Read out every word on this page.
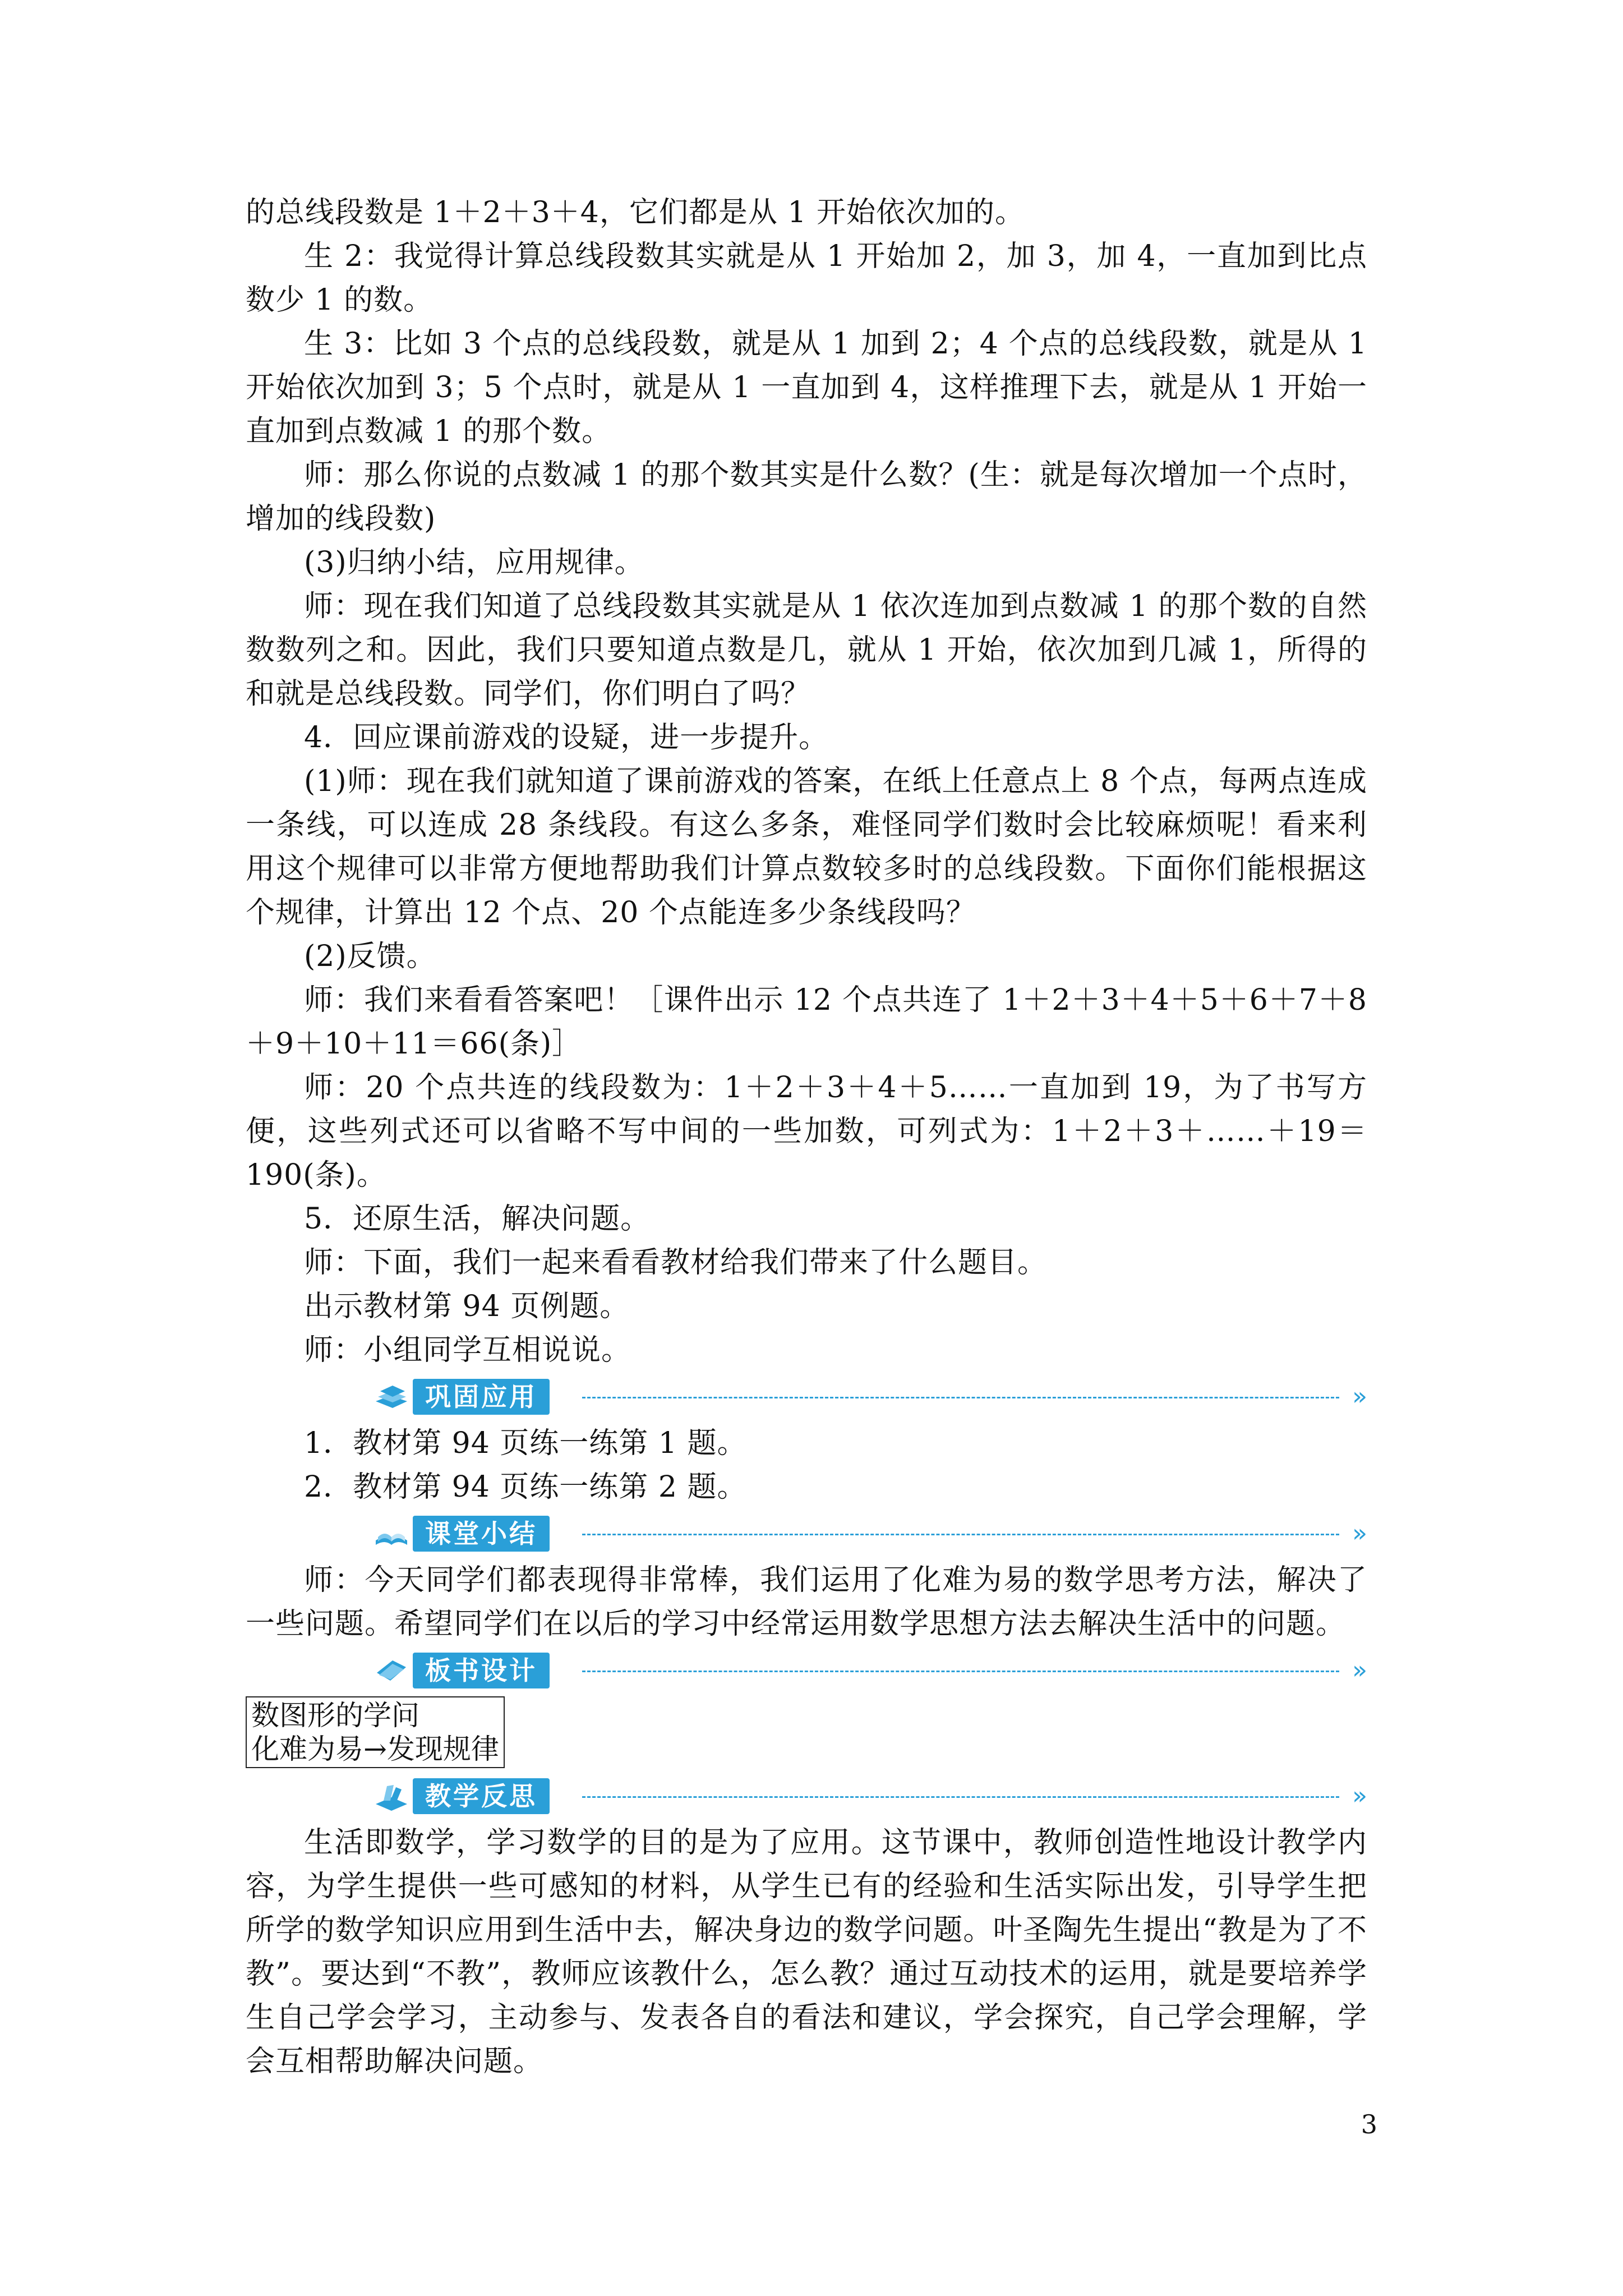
的总线段数是 1＋2＋3＋4，它们都是从 1 开始依次加的。

生 2：我觉得计算总线段数其实就是从 1 开始加 2，加 3，加 4，一直加到比点数少 1 的数。

生 3：比如 3 个点的总线段数，就是从 1 加到 2；4 个点的总线段数，就是从 1 开始依次加到 3；5 个点时，就是从 1 一直加到 4，这样推理下去，就是从 1 开始一直加到点数减 1 的那个数。

师：那么你说的点数减 1 的那个数其实是什么数？(生：就是每次增加一个点时，增加的线段数)

(3)归纳小结，应用规律。

师：现在我们知道了总线段数其实就是从 1 依次连加到点数减 1 的那个数的自然数数列之和。因此，我们只要知道点数是几，就从 1 开始，依次加到几减 1，所得的和就是总线段数。同学们，你们明白了吗？

4．回应课前游戏的设疑，进一步提升。

(1)师：现在我们就知道了课前游戏的答案，在纸上任意点上 8 个点，每两点连成一条线，可以连成 28 条线段。有这么多条，难怪同学们数时会比较麻烦呢！看来利用这个规律可以非常方便地帮助我们计算点数较多时的总线段数。下面你们能根据这个规律，计算出 12 个点、20 个点能连多少条线段吗？

(2)反馈。

师：我们来看看答案吧！［课件出示 12 个点共连了 1＋2＋3＋4＋5＋6＋7＋8＋9＋10＋11＝66(条)］

师：20 个点共连的线段数为：1＋2＋3＋4＋5……一直加到 19，为了书写方便，这些列式还可以省略不写中间的一些加数，可列式为：1＋2＋3＋……＋19＝190(条)。

5．还原生活，解决问题。

师：下面，我们一起来看看教材给我们带来了什么题目。

出示教材第 94 页例题。

师：小组同学互相说说。

巩固应用	»

1．教材第 94 页练一练第 1 题。

2．教材第 94 页练一练第 2 题。

课堂小结	»

师：今天同学们都表现得非常棒，我们运用了化难为易的数学思考方法，解决了一些问题。希望同学们在以后的学习中经常运用数学思想方法去解决生活中的问题。

板书设计	»
数图形的学问
化难为易→发现规律
教学反思	»

生活即数学，学习数学的目的是为了应用。这节课中，教师创造性地设计教学内容，为学生提供一些可感知的材料，从学生已有的经验和生活实际出发，引导学生把所学的数学知识应用到生活中去，解决身边的数学问题。叶圣陶先生提出“教是为了不教”。要达到“不教”，教师应该教什么，怎么教？通过互动技术的运用，就是要培养学生自己学会学习，主动参与、发表各自的看法和建议，学会探究，自己学会理解，学会互相帮助解决问题。

3
